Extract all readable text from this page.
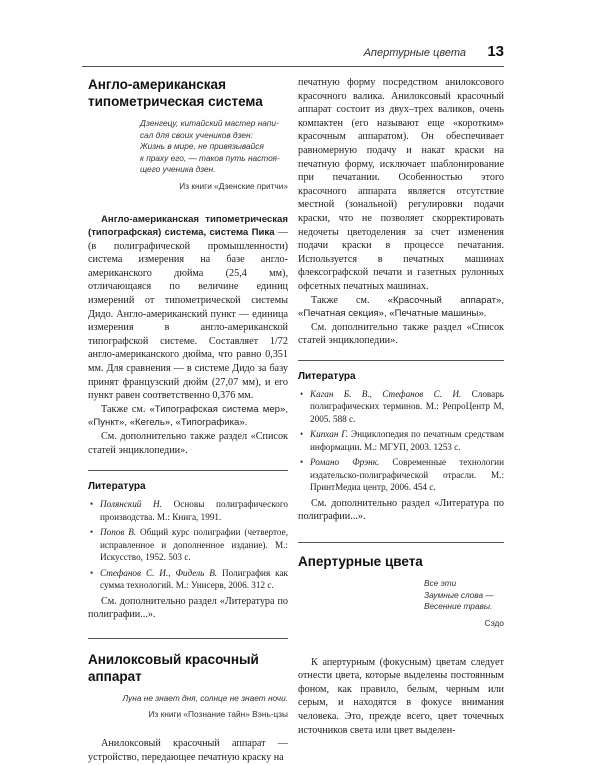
Апертурные цвета 13
Англо-американская
типометрическая система
Дзенгецу, китайский мастер напи-
сал для своих учеников дзен:
Жизнь в мире, не привязывайся
к праху его, — таков путь настоя-
щего ученика дзен.
Из книги «Дзенские притчи»

Англо-американская типометрическая (типографская) система, система Пика — (в полиграфической промышленности) система измерения на базе англо-американского дюйма (25,4 мм), отличающаяся по величине единиц измерений от типометрической системы Дидо. Англо-американский пункт — единица измерения в англо-американской типографской системе. Составляет 1/72 англо-американского дюйма, что равно 0,351 мм. Для сравнения — в системе Дидо за базу принят французский дюйм (27,07 мм), и его пункт равен соответственно 0,376 мм.

Также см. «Типографская система мер», «Пункт», «Кегель», «Типографика».

См. дополнительно также раздел «Список статей энциклопедии».

Литература
• Полянский Н. Основы полиграфического производства. М.: Книга, 1991.
• Попов В. Общий курс полиграфии (четвертое, исправленное и дополненное издание). М.: Искусство, 1952. 503 с.
• Стефанов С. И., Фидель В. Полиграфия как сумма технологий. М.: Унисерв, 2006. 312 с.

См. дополнительно раздел «Литература по полиграфии...».

Анилоксовый красочный
аппарат
Луна не знает дня, солнце не знает ночи.
Из книги «Познание тайн» Вэнь-цзы

Анилоксовый красочный аппарат — устройство, передающее печатную краску на

печатную форму посредством анилоксового красочного валика. Анилоксовый красочный аппарат состоит из двух–трех валиков, очень компактен (его называют еще «коротким» красочным аппаратом). Он обеспечивает равномерную подачу и накат краски на печатную форму, исключает шаблонирование при печатании. Особенностью этого красочного аппарата является отсутствие местной (зональной) регулировки подачи краски, что не позволяет скорректировать недочеты цветоделения за счет изменения подачи краски в процессе печатания. Используется в печатных машинах флексографской печати и газетных рулонных офсетных печатных машинах.

Также см. «Красочный аппарат», «Печатная секция», «Печатные машины».

См. дополнительно также раздел «Список статей энциклопедии».

Литература
• Каган Б. В., Стефанов С. И. Словарь полиграфических терминов. М.: РепроЦентр М, 2005. 588 с.
• Кипхан Г. Энциклопедия по печатным средствам информации. М.: МГУП, 2003. 1253 с.
• Романо Фрэнк. Современные технологии издательско-полиграфической отрасли. М.: ПринтМедиа центр, 2006. 454 с.

См. дополнительно раздел «Литература по полиграфии...».

Апертурные цвета
Все эти
Заумные слова —
Весенние травы.
Сэдо

К апертурным (фокусным) цветам следует отнести цвета, которые выделены постоянным фоном, как правило, белым, черным или серым, и находятся в фокусе внимания человека. Это, прежде всего, цвет точечных источников света или цвет выделен-
